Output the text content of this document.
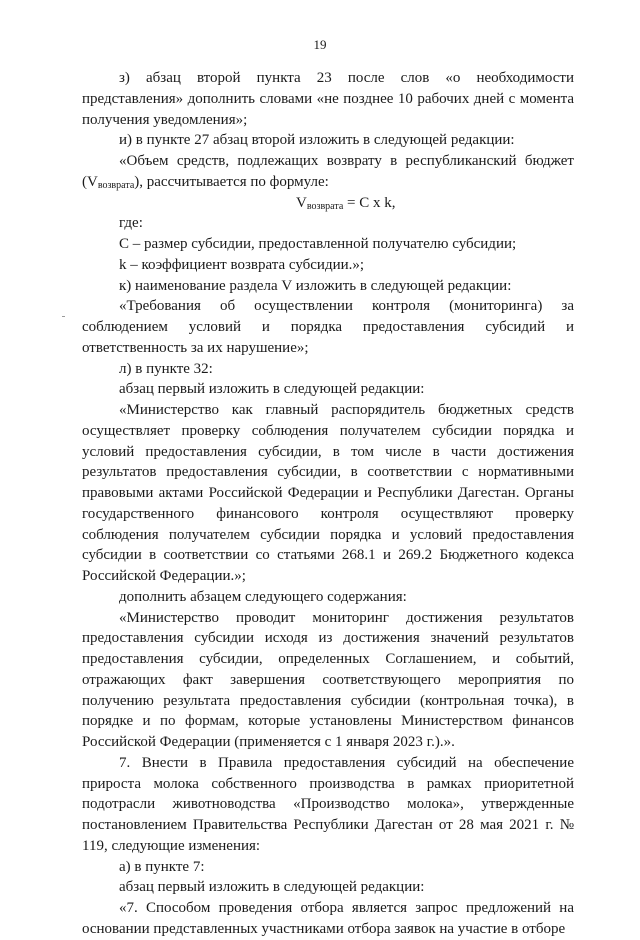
19

з) абзац второй пункта 23 после слов «о необходимости представления» дополнить словами «не позднее 10 рабочих дней с момента получения уведомления»;

и) в пункте 27 абзац второй изложить в следующей редакции:

«Объем средств, подлежащих возврату в республиканский бюджет $(V_{возврата})$, рассчитывается по формуле:

$V_{возврата} = С$ x k,

где:

С – размер субсидии, предоставленной получателю субсидии;

k – коэффициент возврата субсидии.»;

к) наименование раздела V изложить в следующей редакции:

«Требования об осуществлении контроля (мониторинга) за соблюдением условий и порядка предоставления субсидий и ответственность за их нарушение»;

л) в пункте 32:

абзац первый изложить в следующей редакции:

«Министерство как главный распорядитель бюджетных средств осуществляет проверку соблюдения получателем субсидии порядка и условий предоставления субсидии, в том числе в части достижения результатов предоставления субсидии, в соответствии с нормативными правовыми актами Российской Федерации и Республики Дагестан. Органы государственного финансового контроля осуществляют проверку соблюдения получателем субсидии порядка и условий предоставления субсидии в соответствии со статьями 268.1 и 269.2 Бюджетного кодекса Российской Федерации.»;

дополнить абзацем следующего содержания:

«Министерство проводит мониторинг достижения результатов предоставления субсидии исходя из достижения значений результатов предоставления субсидии, определенных Соглашением, и событий, отражающих факт завершения соответствующего мероприятия по получению результата предоставления субсидии (контрольная точка), в порядке и по формам, которые установлены Министерством финансов Российской Федерации (применяется с 1 января 2023 г.).».

7. Внести в Правила предоставления субсидий на обеспечение прироста молока собственного производства в рамках приоритетной подотрасли животноводства «Производство молока», утвержденные постановлением Правительства Республики Дагестан от 28 мая 2021 г. № 119, следующие изменения:

а) в пункте 7:

абзац первый изложить в следующей редакции:

«7. Способом проведения отбора является запрос предложений на основании представленных участниками отбора заявок на участие в отборе
